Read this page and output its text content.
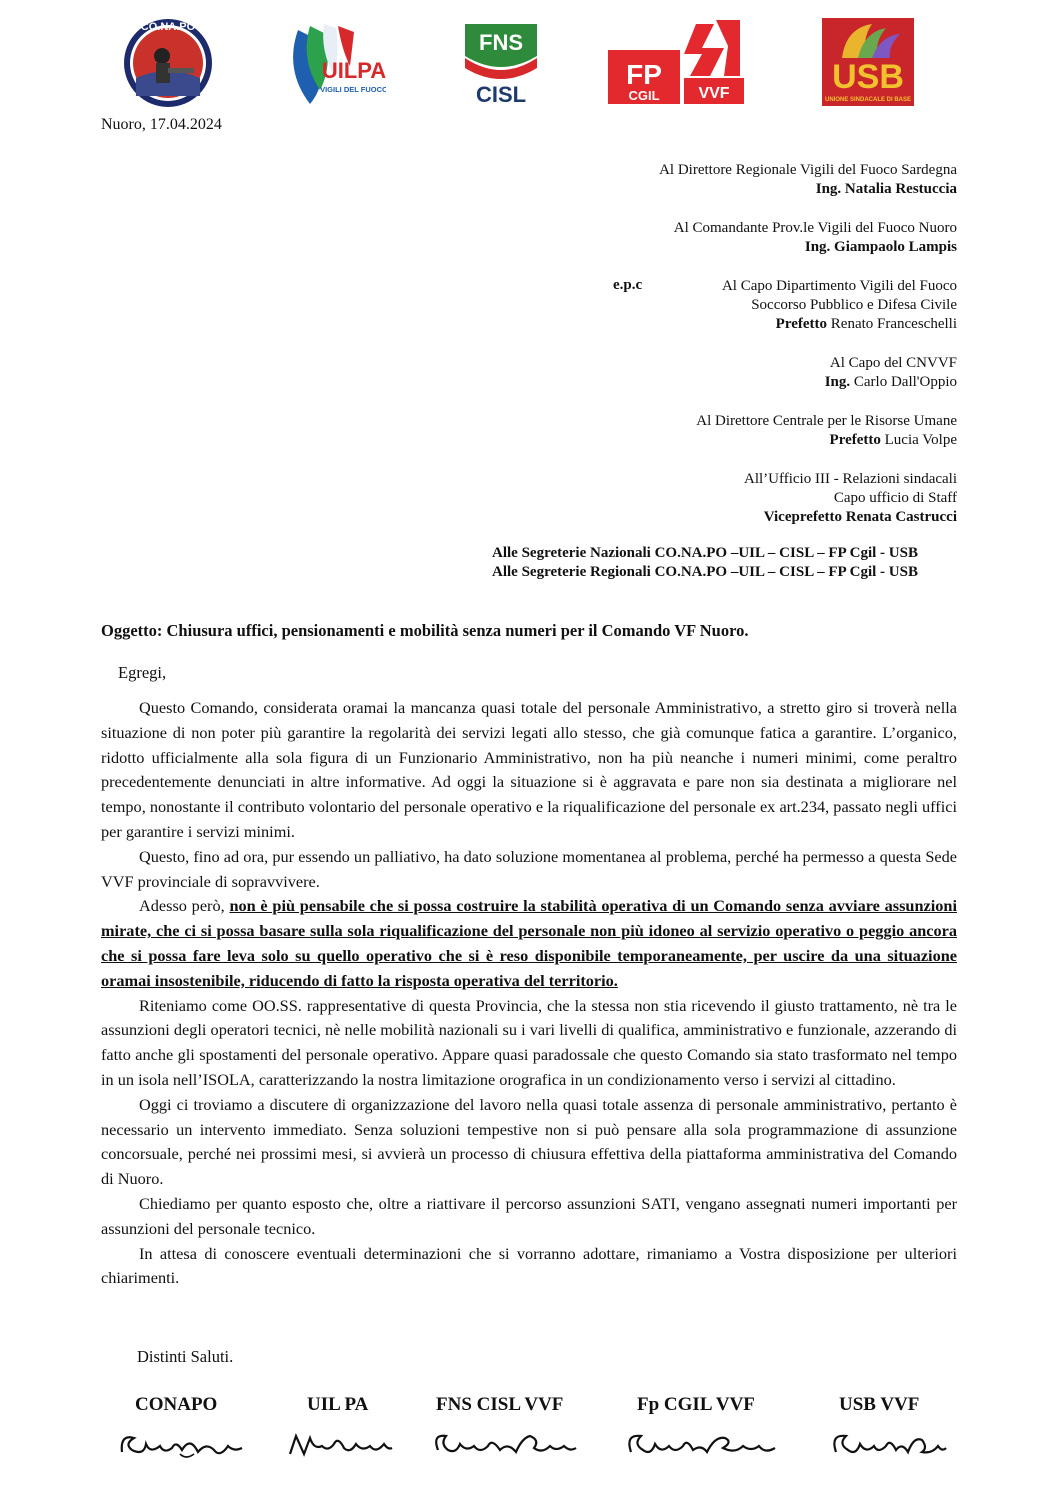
CO.NA.PO
UILPA
VIGILI DEL FUOCO
FNS
CISL
FP
CGIL VVF	USB
UNIONE SINDACALE DI BASE
Nuoro, 17.04.2024
Al Direttore Regionale Vigili del Fuoco Sardegna
Ing. Natalia Restuccia
Al Comandante Prov.le Vigili del Fuoco Nuoro
Ing. Giampaolo Lampis
e.p.c	Al Capo Dipartimento Vigili del Fuoco
Soccorso Pubblico e Difesa Civile
Prefetto Renato Franceschelli
Al Capo del CNVVF
Ing. Carlo Dall'Oppio
Al Direttore Centrale per le Risorse Umane
Prefetto Lucia Volpe
All’Ufficio III - Relazioni sindacali
Capo ufficio di Staff
Viceprefetto Renata Castrucci
Alle Segreterie Nazionali CO.NA.PO –UIL – CISL – FP Cgil - USB
Alle Segreterie Regionali CO.NA.PO –UIL – CISL – FP Cgil - USB
Oggetto: Chiusura uffici, pensionamenti e mobilità senza numeri per il Comando VF Nuoro.
Egregi,

Questo Comando, considerata oramai la mancanza quasi totale del personale Amministrativo, a stretto giro si troverà nella situazione di non poter più garantire la regolarità dei servizi legati allo stesso, che già comunque fatica a garantire. L’organico, ridotto ufficialmente alla sola figura di un Funzionario Amministrativo, non ha più neanche i numeri minimi, come peraltro precedentemente denunciati in altre informative. Ad oggi la situazione si è aggravata e pare non sia destinata a migliorare nel tempo, nonostante il contributo volontario del personale operativo e la riqualificazione del personale ex art.234, passato negli uffici per garantire i servizi minimi.

Questo, fino ad ora, pur essendo un palliativo, ha dato soluzione momentanea al problema, perché ha permesso a questa Sede VVF provinciale di sopravvivere.

Adesso però, non è più pensabile che si possa costruire la stabilità operativa di un Comando senza avviare assunzioni mirate, che ci si possa basare sulla sola riqualificazione del personale non più idoneo al servizio operativo o peggio ancora che si possa fare leva solo su quello operativo che si è reso disponibile temporaneamente, per uscire da una situazione oramai insostenibile, riducendo di fatto la risposta operativa del territorio.

Riteniamo come OO.SS. rappresentative di questa Provincia, che la stessa non stia ricevendo il giusto trattamento, nè tra le assunzioni degli operatori tecnici, nè nelle mobilità nazionali su i vari livelli di qualifica, amministrativo e funzionale, azzerando di fatto anche gli spostamenti del personale operativo. Appare quasi paradossale che questo Comando sia stato trasformato nel tempo in un isola nell’ISOLA, caratterizzando la nostra limitazione orografica in un condizionamento verso i servizi al cittadino.

Oggi ci troviamo a discutere di organizzazione del lavoro nella quasi totale assenza di personale amministrativo, pertanto è necessario un intervento immediato. Senza soluzioni tempestive non si può pensare alla sola programmazione di assunzione concorsuale, perché nei prossimi mesi, si avvierà un processo di chiusura effettiva della piattaforma amministrativa del Comando di Nuoro.

Chiediamo per quanto esposto che, oltre a riattivare il percorso assunzioni SATI, vengano assegnati numeri importanti per assunzioni del personale tecnico.

In attesa di conoscere eventuali determinazioni che si vorranno adottare, rimaniamo a Vostra disposizione per ulteriori chiarimenti.

Distinti Saluti.
CONAPO	UIL PA	FNS CISL VVF	Fp CGIL VVF	USB VVF
